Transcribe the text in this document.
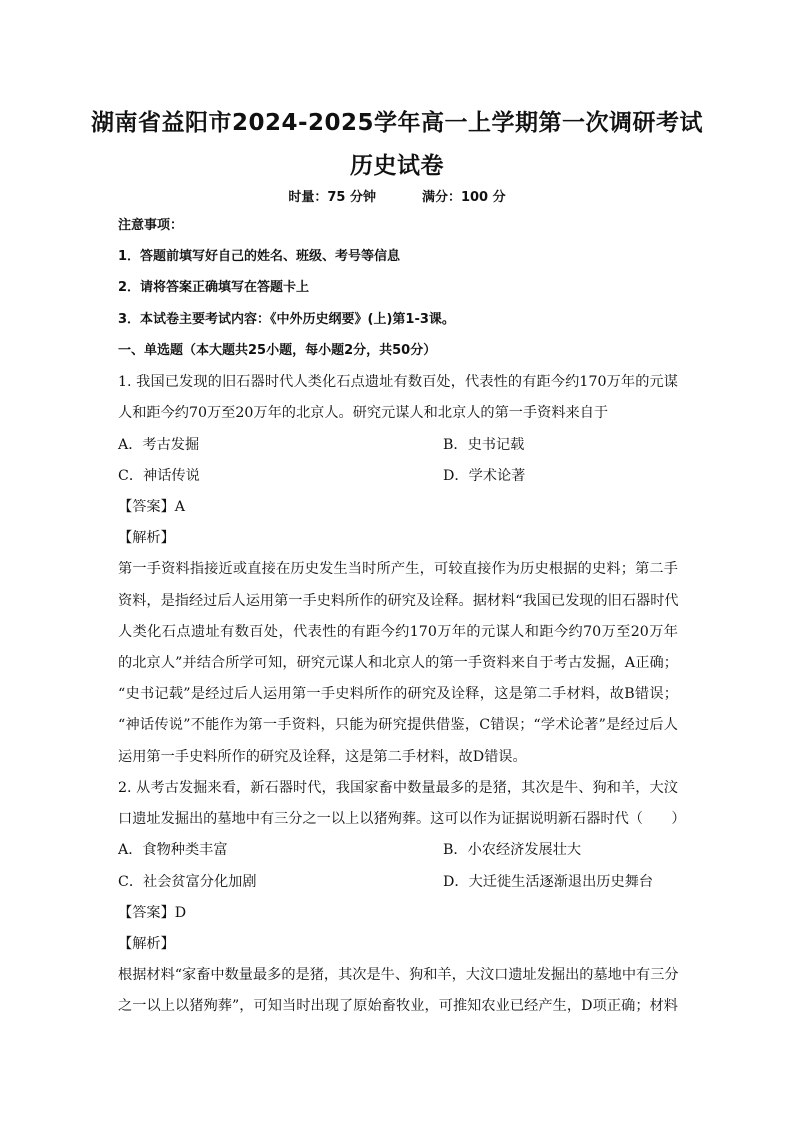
湖南省益阳市2024-2025学年高一上学期第一次调研考试
历史试卷
时量：75 分钟	满分：100 分
注意事项：
1．答题前填写好自己的姓名、班级、考号等信息
2．请将答案正确填写在答题卡上
3．本试卷主要考试内容：《中外历史纲要》(上)第1-3课。
一、单选题（本大题共25小题，每小题2分，共50分）
1. 我国已发现的旧石器时代人类化石点遗址有数百处，代表性的有距今约170万年的元谋
人和距今约70万至20万年的北京人。研究元谋人和北京人的第一手资料来自于
A．考古发掘	B．史书记载
C．神话传说	D．学术论著
【答案】A
【解析】
第一手资料指接近或直接在历史发生当时所产生，可较直接作为历史根据的史料；第二手
资料，是指经过后人运用第一手史料所作的研究及诠释。据材料“我国已发现的旧石器时代
人类化石点遗址有数百处，代表性的有距今约170万年的元谋人和距今约70万至20万年
的北京人”并结合所学可知，研究元谋人和北京人的第一手资料来自于考古发掘，A正确；
“史书记载”是经过后人运用第一手史料所作的研究及诠释，这是第二手材料，故B错误；
“神话传说”不能作为第一手资料，只能为研究提供借鉴，C错误；“学术论著”是经过后人
运用第一手史料所作的研究及诠释，这是第二手材料，故D错误。
2. 从考古发掘来看，新石器时代，我国家畜中数量最多的是猪，其次是牛、狗和羊，大汶
口遗址发掘出的墓地中有三分之一以上以猪殉葬。这可以作为证据说明新石器时代（　　）
A．食物种类丰富	B．小农经济发展壮大
C．社会贫富分化加剧	D．大迁徙生活逐渐退出历史舞台
【答案】D
【解析】
根据材料“家畜中数量最多的是猪，其次是牛、狗和羊，大汶口遗址发掘出的墓地中有三分
之一以上以猪殉葬”，可知当时出现了原始畜牧业，可推知农业已经产生，D项正确；材料
